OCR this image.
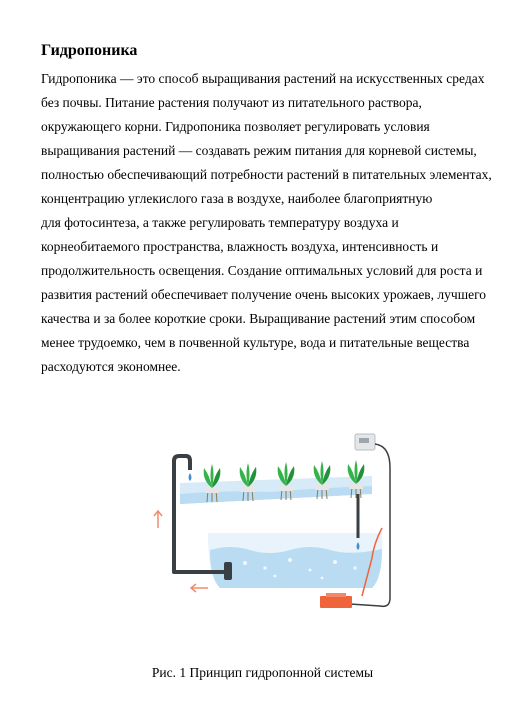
Гидропоника

Гидропоника — это способ выращивания растений на искусственных средах
без почвы. Питание растения получают из питательного раствора,
окружающего корни. Гидропоника позволяет регулировать условия
выращивания растений — создавать режим питания для корневой системы,
полностью обеспечивающий потребности растений в питательных элементах,
концентрацию углекислого газа в воздухе, наиболее благоприятную
для фотосинтеза, а также регулировать температуру воздуха и
корнеобитаемого пространства, влажность воздуха, интенсивность и
продолжительность освещения. Создание оптимальных условий для роста и
развития растений обеспечивает получение очень высоких урожаев, лучшего
качества и за более короткие сроки. Выращивание растений этим способом
менее трудоемко, чем в почвенной культуре, вода и питательные вещества
расходуются экономнее.

Рис. 1 Принцип гидропонной системы
